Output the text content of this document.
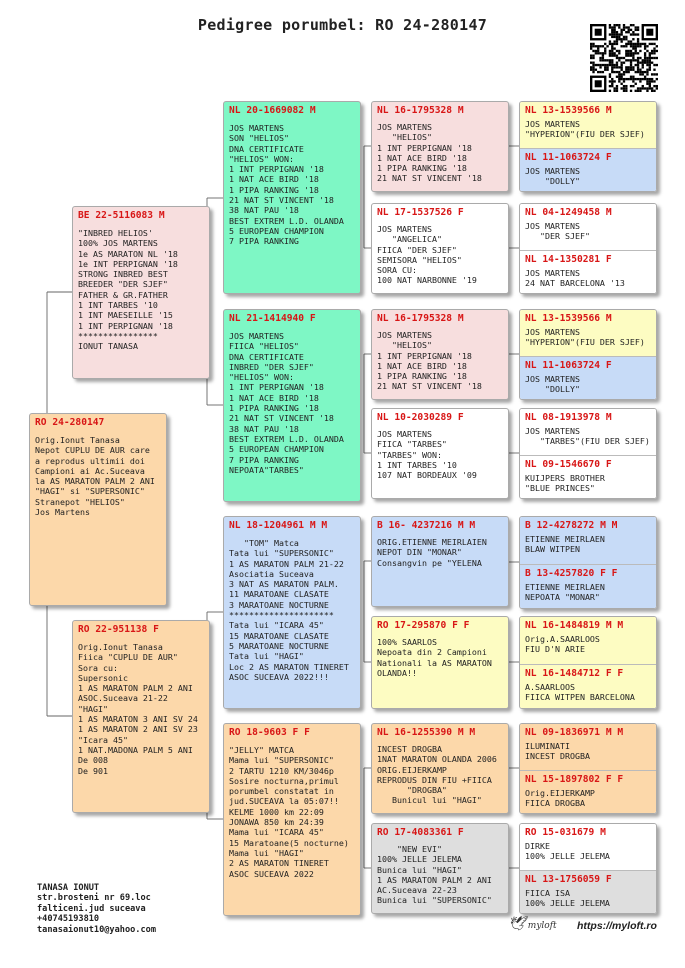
Pedigree porumbel: RO 24-280147
RO 24-280147
Orig.Ionut Tanasa
Nepot CUPLU DE AUR care
a reprodus ultimii doi
Campioni ai Ac.Suceava
la AS MARATON PALM 2 ANI
"HAGI" si "SUPERSONIC"
Stranepot "HELIOS"
Jos Martens
BE 22-5116083 M
"INBRED HELIOS'
100% JOS MARTENS
1e AS MARATON NL '18
1e INT PERPIGNAN '18
STRONG INBRED BEST
BREEDER "DER SJEF"
FATHER & GR.FATHER
1 INT TARBES '10
1 INT MAESEILLE '15
1 INT PERPIGNAN '18
****************
IONUT TANASA
RO 22-951138 F
Orig.Ionut Tanasa
Fiica "CUPLU DE AUR"
Sora cu:
Supersonic
1 AS MARATON PALM 2 ANI
ASOC.Suceava 21-22
"HAGI"
1 AS MARATON 3 ANI SV 24
1 AS MARATON 2 ANI SV 23
"Icara 45"
1 NAT.MADONA PALM 5 ANI
De 008
De 901
NL 20-1669082 M
JOS MARTENS
SON "HELIOS"
DNA CERTIFICATE
"HELIOS" WON:
1 INT PERPIGNAN '18
1 NAT ACE BIRD '18
1 PIPA RANKING '18
21 NAT ST VINCENT '18
38 NAT PAU '18
BEST EXTREM L.D. OLANDA
5 EUROPEAN CHAMPION
7 PIPA RANKING
NL 21-1414940 F
JOS MARTENS
FIICA "HELIOS"
DNA CERTIFICATE
INBRED "DER SJEF"
"HELIOS" WON:
1 INT PERPIGNAN '18
1 NAT ACE BIRD '18
1 PIPA RANKING '18
21 NAT ST VINCENT '18
38 NAT PAU '18
BEST EXTREM L.D. OLANDA
5 EUROPEAN CHAMPION
7 PIPA RANKING
NEPOATA"TARBES"
NL 18-1204961 M M
"TOM" Matca
Tata lui "SUPERSONIC"
1 AS MARATON PALM 21-22
Asociatia Suceava
3 NAT AS MARATON PALM.
11 MARATOANE CLASATE
3 MARATOANE NOCTURNE
*********************
Tata lui "ICARA 45"
15 MARATOANE CLASATE
5 MARATOANE NOCTURNE
Tata lui "HAGI"
Loc 2 AS MARATON TINERET
ASOC SUCEAVA 2022!!!
RO 18-9603 F F
"JELLY" MATCA
Mama lui "SUPERSONIC"
2 TARTU 1210 KM/3046p
Sosire nocturna,primul
porumbel constatat in
jud.SUCEAVA la 05:07!!
KELME 1000 km 22:09
JONAWA 850 km 24:39
Mama lui "ICARA 45"
15 Maratoane(5 nocturne)
Mama lui "HAGI"
2 AS MARATON TINERET
ASOC SUCEAVA 2022
NL 16-1795328 M
JOS MARTENS
"HELIOS"
1 INT PERPIGNAN '18
1 NAT ACE BIRD '18
1 PIPA RANKING '18
21 NAT ST VINCENT '18
NL 17-1537526 F
JOS MARTENS
"ANGELICA"
FIICA "DER SJEF"
SEMISORA "HELIOS"
SORA CU:
100 NAT NARBONNE '19
NL 16-1795328 M
JOS MARTENS
"HELIOS"
1 INT PERPIGNAN '18
1 NAT ACE BIRD '18
1 PIPA RANKING '18
21 NAT ST VINCENT '18
NL 10-2030289 F
JOS MARTENS
FIICA "TARBES"
"TARBES" WON:
1 INT TARBES '10
107 NAT BORDEAUX '09
B 16- 4237216 M M
ORIG.ETIENNE MEIRLAIEN
NEPOT DIN "MONAR"
Consangvin pe "YELENA
RO 17-295870 F F
100% SAARLOS
Nepoata din 2 Campioni
Nationali la AS MARATON
OLANDA!!
NL 16-1255390 M M
INCEST DROGBA
1NAT MARATON OLANDA 2006
ORIG.EIJERKAMP
REPRODUS DIN FIU +FIICA
"DROGBA"
Bunicul lui "HAGI"
RO 17-4083361 F
"NEW EVI"
100% JELLE JELEMA
Bunica lui "HAGI"
1 AS MARATON PALM 2 ANI
AC.Suceava 22-23
Bunica lui "SUPERSONIC"
NL 13-1539566 M
JOS MARTENS
"HYPERION"(FIU DER SJEF)
NL 11-1063724 F
JOS MARTENS
"DOLLY"
NL 04-1249458 M
JOS MARTENS
"DER SJEF"
NL 14-1350281 F
JOS MARTENS
24 NAT BARCELONA '13
NL 13-1539566 M
JOS MARTENS
"HYPERION"(FIU DER SJEF)
NL 11-1063724 F
JOS MARTENS
"DOLLY"
NL 08-1913978 M
JOS MARTENS
"TARBES"(FIU DER SJEF)
NL 09-1546670 F
KUIJPERS BROTHER
"BLUE PRINCES"
B 12-4278272 M M
ETIENNE MEIRLAEN
BLAW WITPEN
B 13-4257820 F F
ETIENNE MEIRLAEN
NEPOATA "MONAR"
NL 16-1484819 M M
Orig.A.SAARLOOS
FIU D'N ARIE
NL 16-1484712 F F
A.SAARLOOS
FIICA WITPEN BARCELONA
NL 09-1836971 M M
ILUMINATI
INCEST DROGBA
NL 15-1897802 F F
Orig.EIJERKAMP
FIICA DROGBA
RO 15-031679 M
DIRKE
100% JELLE JELEMA
NL 13-1756059 F
FIICA ISA
100% JELLE JELEMA
TANASA IONUT
str.brosteni nr 69.loc
falticeni.jud suceava
+40745193810
tanasaionut10@yahoo.com	🕊 myloft https://myloft.ro
